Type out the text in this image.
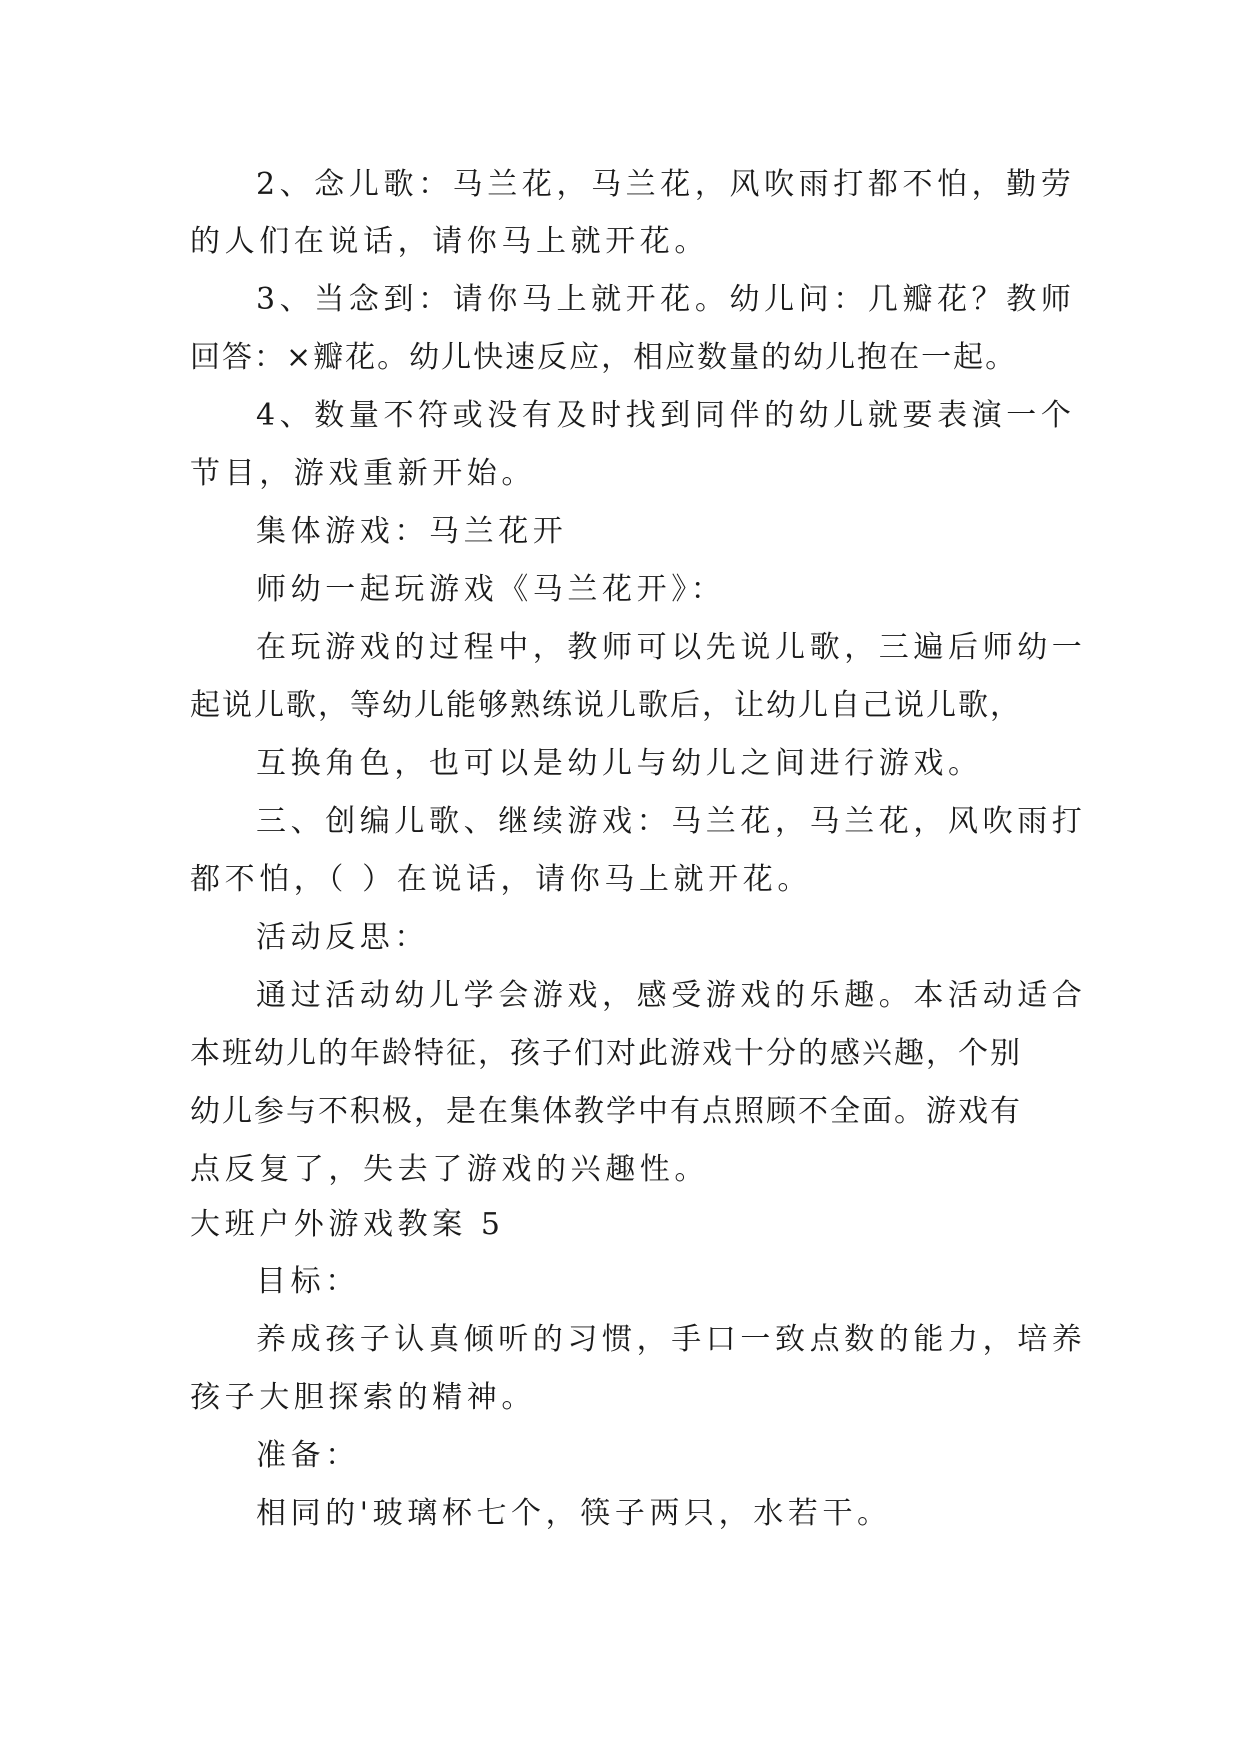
2、念儿歌：马兰花，马兰花，风吹雨打都不怕，勤劳
的人们在说话，请你马上就开花。
3、当念到：请你马上就开花。幼儿问：几瓣花？教师
回答：×瓣花。幼儿快速反应，相应数量的幼儿抱在一起。
4、数量不符或没有及时找到同伴的幼儿就要表演一个
节目，游戏重新开始。
集体游戏：马兰花开
师幼一起玩游戏《马兰花开》：
在玩游戏的过程中，教师可以先说儿歌，三遍后师幼一
起说儿歌，等幼儿能够熟练说儿歌后，让幼儿自己说儿歌，
互换角色，也可以是幼儿与幼儿之间进行游戏。
三、创编儿歌、继续游戏：马兰花，马兰花，风吹雨打
都不怕，（ ）在说话，请你马上就开花。
活动反思：
通过活动幼儿学会游戏，感受游戏的乐趣。本活动适合
本班幼儿的年龄特征，孩子们对此游戏十分的感兴趣，个别
幼儿参与不积极，是在集体教学中有点照顾不全面。游戏有
点反复了，失去了游戏的兴趣性。
大班户外游戏教案 5
目标：
养成孩子认真倾听的习惯，手口一致点数的能力，培养
孩子大胆探索的精神。
准备：
相同的'玻璃杯七个，筷子两只，水若干。
